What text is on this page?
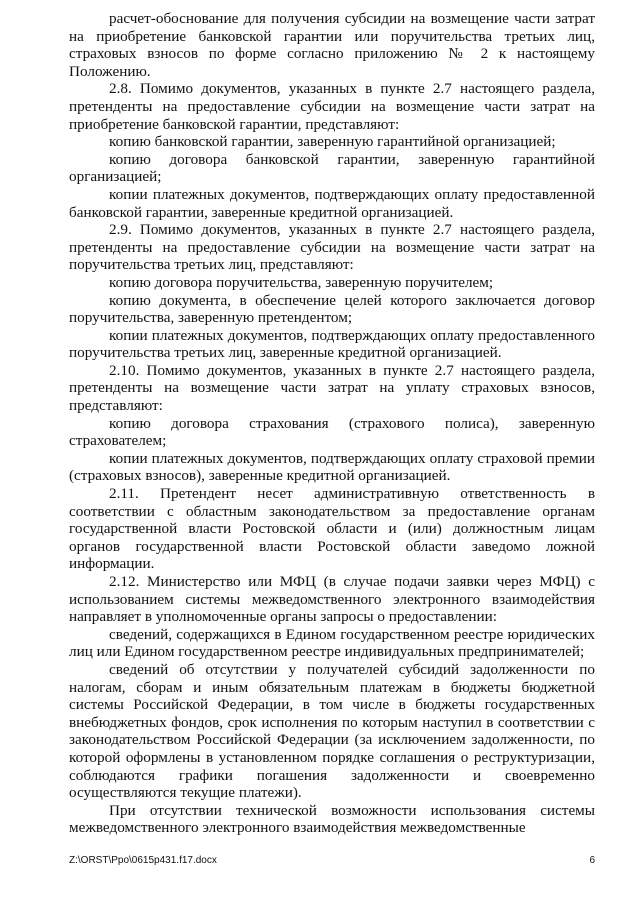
расчет-обоснование для получения субсидии на возмещение части затрат на приобретение банковской гарантии или поручительства третьих лиц, страховых взносов по форме согласно приложению № 2 к настоящему Положению.

2.8. Помимо документов, указанных в пункте 2.7 настоящего раздела, претенденты на предоставление субсидии на возмещение части затрат на приобретение банковской гарантии, представляют:

копию банковской гарантии, заверенную гарантийной организацией;

копию договора банковской гарантии, заверенную гарантийной организацией;

копии платежных документов, подтверждающих оплату предоставленной банковской гарантии, заверенные кредитной организацией.

2.9. Помимо документов, указанных в пункте 2.7 настоящего раздела, претенденты на предоставление субсидии на возмещение части затрат на поручительства третьих лиц, представляют:

копию договора поручительства, заверенную поручителем;

копию документа, в обеспечение целей которого заключается договор поручительства, заверенную претендентом;

копии платежных документов, подтверждающих оплату предоставленного поручительства третьих лиц, заверенные кредитной организацией.

2.10. Помимо документов, указанных в пункте 2.7 настоящего раздела, претенденты на возмещение части затрат на уплату страховых взносов, представляют:

копию договора страхования (страхового полиса), заверенную страхователем;

копии платежных документов, подтверждающих оплату страховой премии (страховых взносов), заверенные кредитной организацией.

2.11. Претендент несет административную ответственность в соответствии с областным законодательством за предоставление органам государственной власти Ростовской области и (или) должностным лицам органов государственной власти Ростовской области заведомо ложной информации.

2.12. Министерство или МФЦ (в случае подачи заявки через МФЦ) с использованием системы межведомственного электронного взаимодействия направляет в уполномоченные органы запросы о предоставлении:

сведений, содержащихся в Едином государственном реестре юридических лиц или Едином государственном реестре индивидуальных предпринимателей;

сведений об отсутствии у получателей субсидий задолженности по налогам, сборам и иным обязательным платежам в бюджеты бюджетной системы Российской Федерации, в том числе в бюджеты государственных внебюджетных фондов, срок исполнения по которым наступил в соответствии с законодательством Российской Федерации (за исключением задолженности, по которой оформлены в установленном порядке соглашения о реструктуризации, соблюдаются графики погашения задолженности и своевременно осуществляются текущие платежи).

При отсутствии технической возможности использования системы межведомственного электронного взаимодействия межведомственные

Z:\ORST\Ppo\0615p431.f17.docx	6
